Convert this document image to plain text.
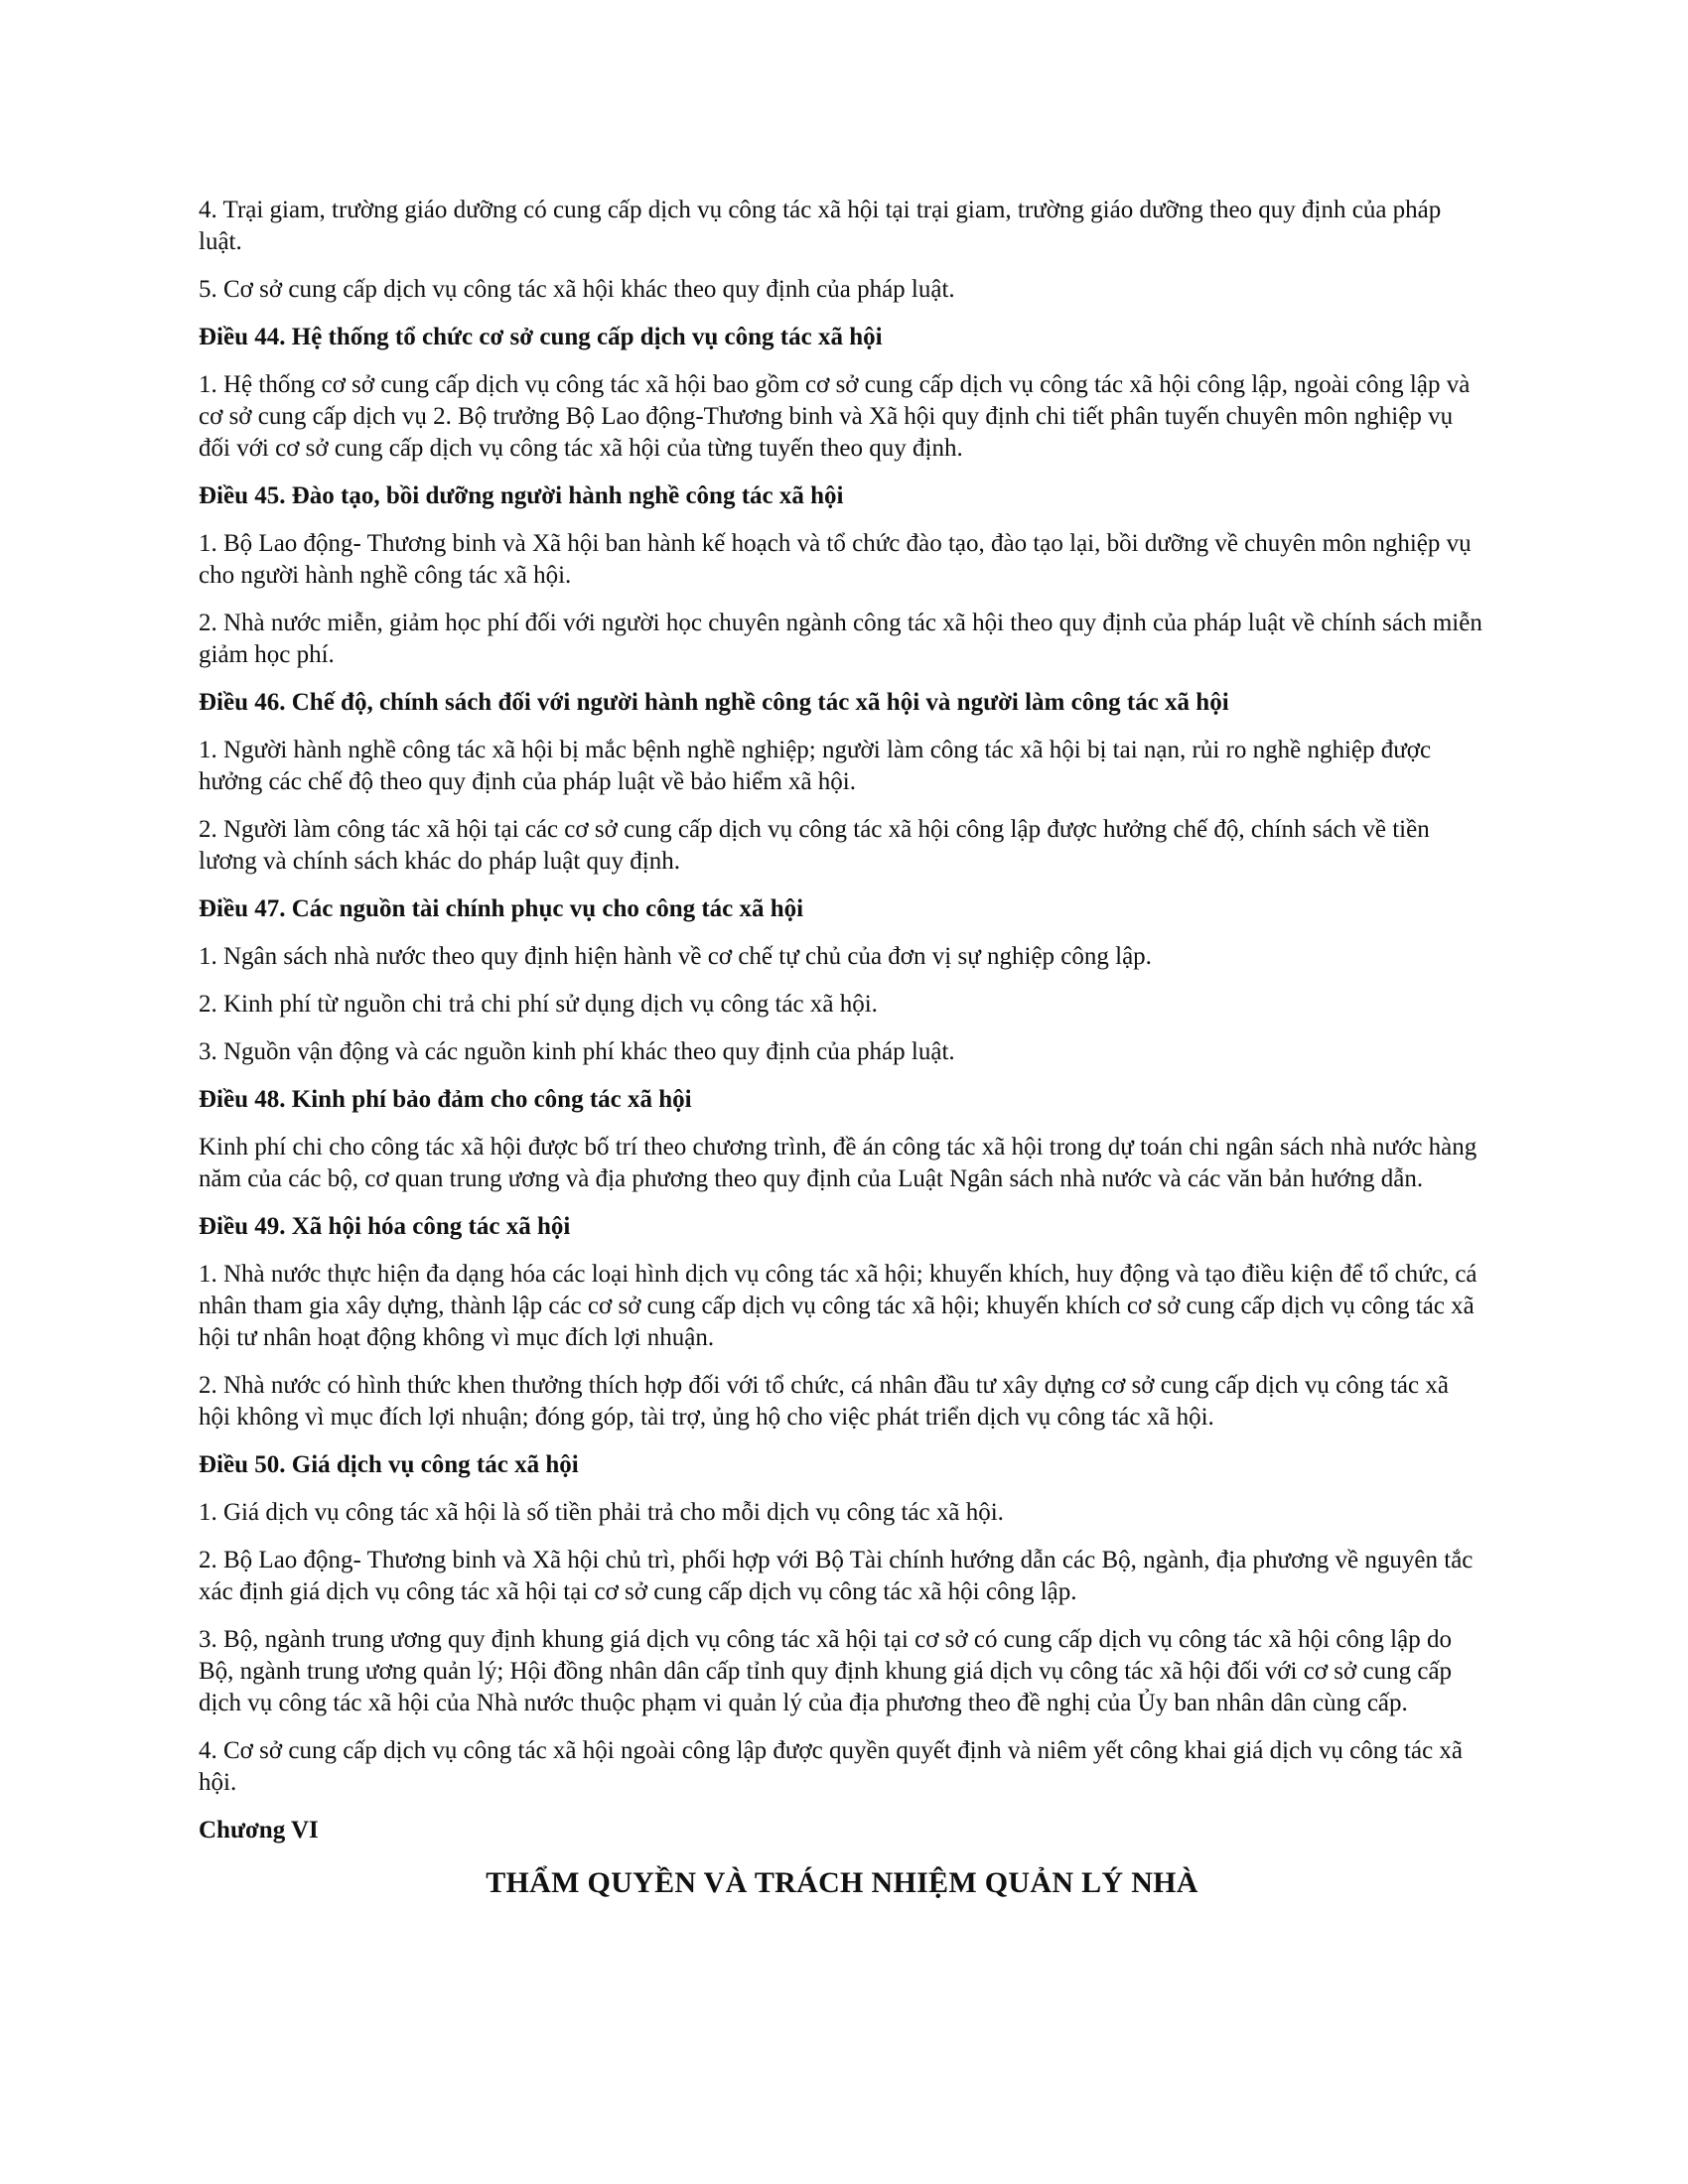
4. Trại giam, trường giáo dưỡng có cung cấp dịch vụ công tác xã hội tại trại giam, trường giáo dưỡng theo quy định của pháp luật.

5. Cơ sở cung cấp dịch vụ công tác xã hội khác theo quy định của pháp luật.

Điều 44. Hệ thống tổ chức cơ sở cung cấp dịch vụ công tác xã hội

1. Hệ thống cơ sở cung cấp dịch vụ công tác xã hội bao gồm cơ sở cung cấp dịch vụ công tác xã hội công lập, ngoài công lập và cơ sở cung cấp dịch vụ 2. Bộ trưởng Bộ Lao động-Thương binh và Xã hội quy định chi tiết phân tuyến chuyên môn nghiệp vụ đối với cơ sở cung cấp dịch vụ công tác xã hội của từng tuyến theo quy định.

Điều 45. Đào tạo, bồi dưỡng người hành nghề công tác xã hội

1. Bộ Lao động- Thương binh và Xã hội ban hành kế hoạch và tổ chức đào tạo, đào tạo lại, bồi dưỡng về chuyên môn nghiệp vụ cho người hành nghề công tác xã hội.

2. Nhà nước miễn, giảm học phí đối với người học chuyên ngành công tác xã hội theo quy định của pháp luật về chính sách miễn giảm học phí.

Điều 46. Chế độ, chính sách đối với người hành nghề công tác xã hội và người làm công tác xã hội

1. Người hành nghề công tác xã hội bị mắc bệnh nghề nghiệp; người làm công tác xã hội bị tai nạn, rủi ro nghề nghiệp được hưởng các chế độ theo quy định của pháp luật về bảo hiểm xã hội.

2. Người làm công tác xã hội tại các cơ sở cung cấp dịch vụ công tác xã hội công lập được hưởng chế độ, chính sách về tiền lương và chính sách khác do pháp luật quy định.

Điều 47. Các nguồn tài chính phục vụ cho công tác xã hội

1. Ngân sách nhà nước theo quy định hiện hành về cơ chế tự chủ của đơn vị sự nghiệp công lập.

2. Kinh phí từ nguồn chi trả chi phí sử dụng dịch vụ công tác xã hội.

3. Nguồn vận động và các nguồn kinh phí khác theo quy định của pháp luật.

Điều 48. Kinh phí bảo đảm cho công tác xã hội

Kinh phí chi cho công tác xã hội được bố trí theo chương trình, đề án công tác xã hội trong dự toán chi ngân sách nhà nước hàng năm của các bộ, cơ quan trung ương và địa phương theo quy định của Luật Ngân sách nhà nước và các văn bản hướng dẫn.

Điều 49. Xã hội hóa công tác xã hội

1. Nhà nước thực hiện đa dạng hóa các loại hình dịch vụ công tác xã hội; khuyến khích, huy động và tạo điều kiện để tổ chức, cá nhân tham gia xây dựng, thành lập các cơ sở cung cấp dịch vụ công tác xã hội; khuyến khích cơ sở cung cấp dịch vụ công tác xã hội tư nhân hoạt động không vì mục đích lợi nhuận.

2. Nhà nước có hình thức khen thưởng thích hợp đối với tổ chức, cá nhân đầu tư xây dựng cơ sở cung cấp dịch vụ công tác xã hội không vì mục đích lợi nhuận; đóng góp, tài trợ, ủng hộ cho việc phát triển dịch vụ công tác xã hội.

Điều 50. Giá dịch vụ công tác xã hội

1. Giá dịch vụ công tác xã hội là số tiền phải trả cho mỗi dịch vụ công tác xã hội.

2. Bộ Lao động- Thương binh và Xã hội chủ trì, phối hợp với Bộ Tài chính hướng dẫn các Bộ, ngành, địa phương về nguyên tắc xác định giá dịch vụ công tác xã hội tại cơ sở cung cấp dịch vụ công tác xã hội công lập.

3. Bộ, ngành trung ương quy định khung giá dịch vụ công tác xã hội tại cơ sở có cung cấp dịch vụ công tác xã hội công lập do Bộ, ngành trung ương quản lý; Hội đồng nhân dân cấp tỉnh quy định khung giá dịch vụ công tác xã hội đối với cơ sở cung cấp dịch vụ công tác xã hội của Nhà nước thuộc phạm vi quản lý của địa phương theo đề nghị của Ủy ban nhân dân cùng cấp.

4. Cơ sở cung cấp dịch vụ công tác xã hội ngoài công lập được quyền quyết định và niêm yết công khai giá dịch vụ công tác xã hội.

Chương VI

THẨM QUYỀN VÀ TRÁCH NHIỆM QUẢN LÝ NHÀ
